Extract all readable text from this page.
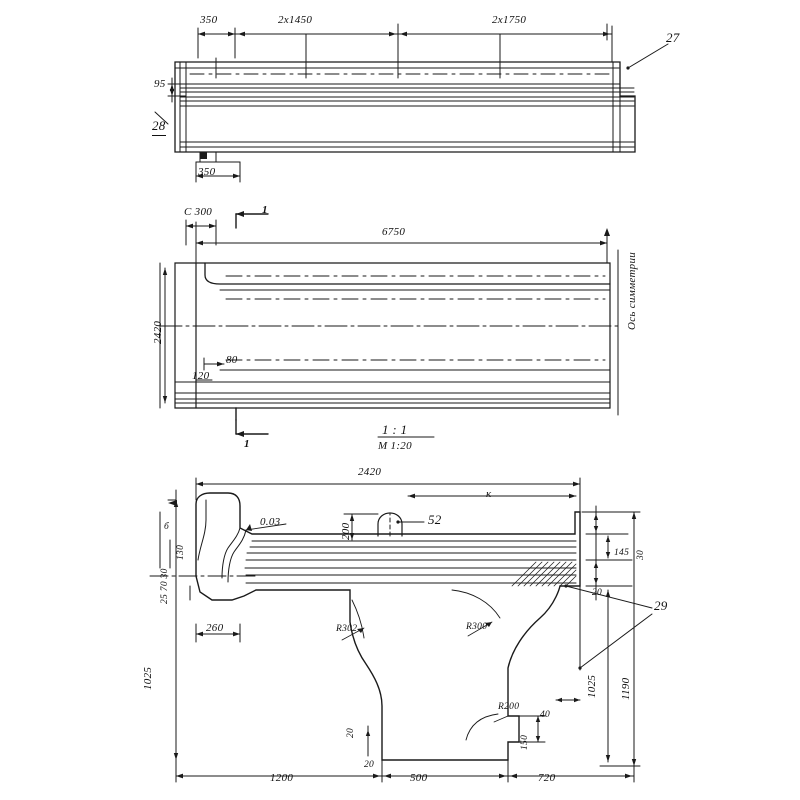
350	2х1450	2х1750
95
350
27
28
С 300
6750
2420
80
120
1
1
Ось симметрии
1 : 1
М 1:20
2420
0.03
200
25 70 30
130	145 30
20
260
1025	1025 1190
R302	R300
R200
20
20
150
40
1200	500	720
к
б	52
29
